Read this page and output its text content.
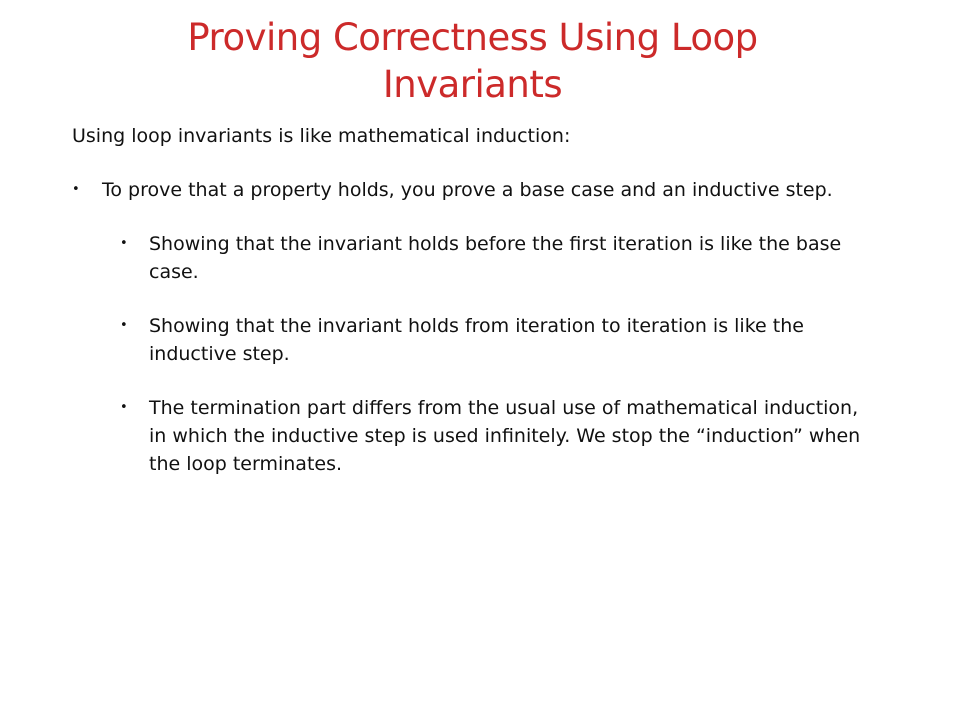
Proving Correctness Using Loop Invariants

Using loop invariants is like mathematical induction:

• To prove that a property holds, you prove a base case and an inductive step.
• Showing that the invariant holds before the first iteration is like the base case.
• Showing that the invariant holds from iteration to iteration is like the inductive step.
• The termination part differs from the usual use of mathematical induction, in which the inductive step is used infinitely. We stop the “induction” when the loop terminates.
